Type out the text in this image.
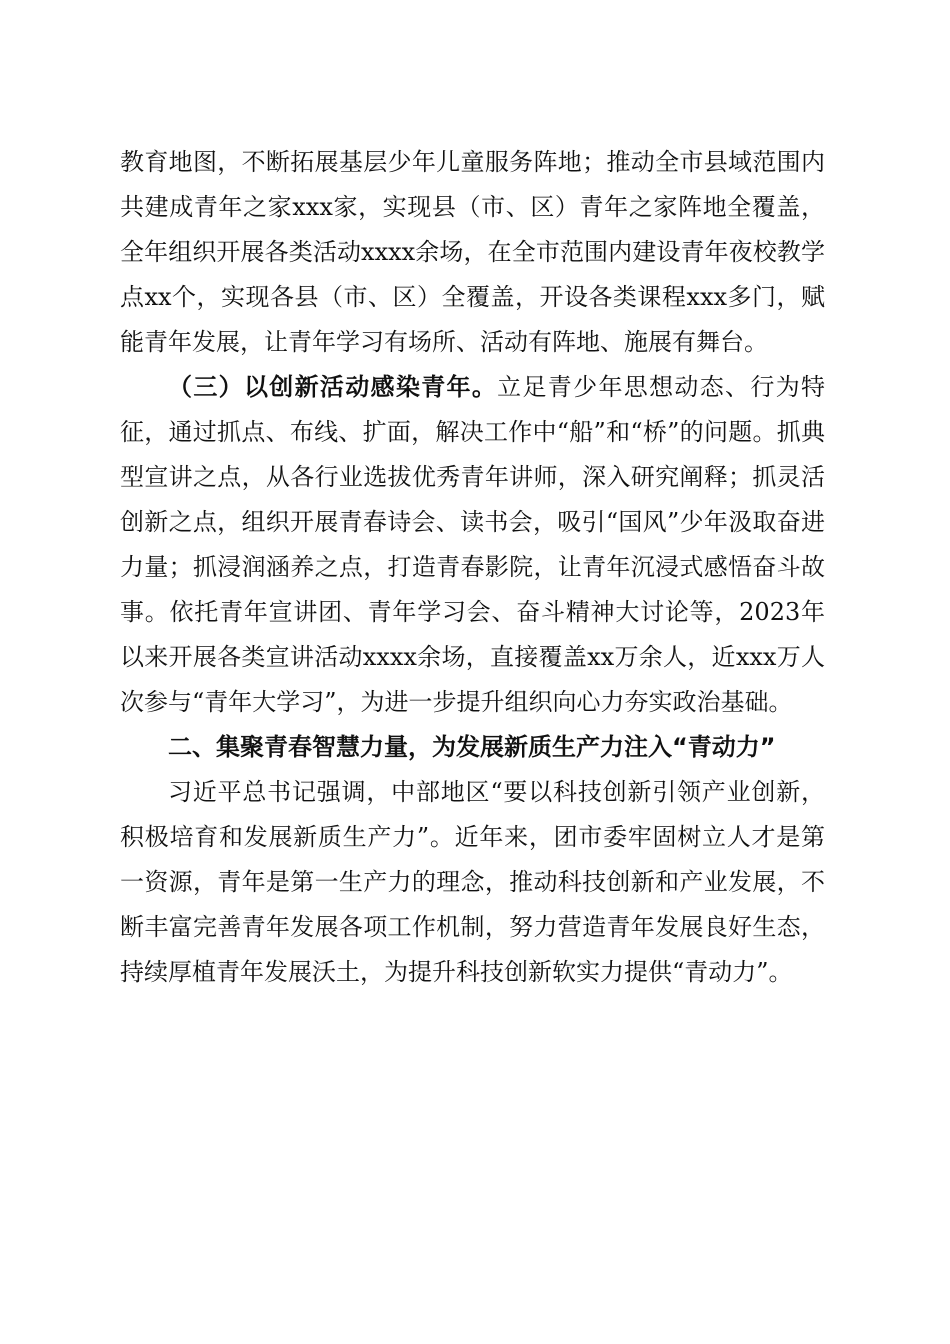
教育地图，不断拓展基层少年儿童服务阵地；推动全市县域范围内共建成青年之家xxx家，实现县（市、区）青年之家阵地全覆盖，全年组织开展各类活动xxxx余场，在全市范围内建设青年夜校教学点xx个，实现各县（市、区）全覆盖，开设各类课程xxx多门，赋能青年发展，让青年学习有场所、活动有阵地、施展有舞台。

（三）以创新活动感染青年。立足青少年思想动态、行为特征，通过抓点、布线、扩面，解决工作中“船”和“桥”的问题。抓典型宣讲之点，从各行业选拔优秀青年讲师，深入研究阐释；抓灵活创新之点，组织开展青春诗会、读书会，吸引“国风”少年汲取奋进力量；抓浸润涵养之点，打造青春影院，让青年沉浸式感悟奋斗故事。依托青年宣讲团、青年学习会、奋斗精神大讨论等，2023年以来开展各类宣讲活动xxxx余场，直接覆盖xx万余人，近xxx万人次参与“青年大学习”，为进一步提升组织向心力夯实政治基础。

二、集聚青春智慧力量，为发展新质生产力注入“青动力”

习近平总书记强调，中部地区“要以科技创新引领产业创新，积极培育和发展新质生产力”。近年来，团市委牢固树立人才是第一资源，青年是第一生产力的理念，推动科技创新和产业发展，不断丰富完善青年发展各项工作机制，努力营造青年发展良好生态，持续厚植青年发展沃土，为提升科技创新软实力提供“青动力”。
